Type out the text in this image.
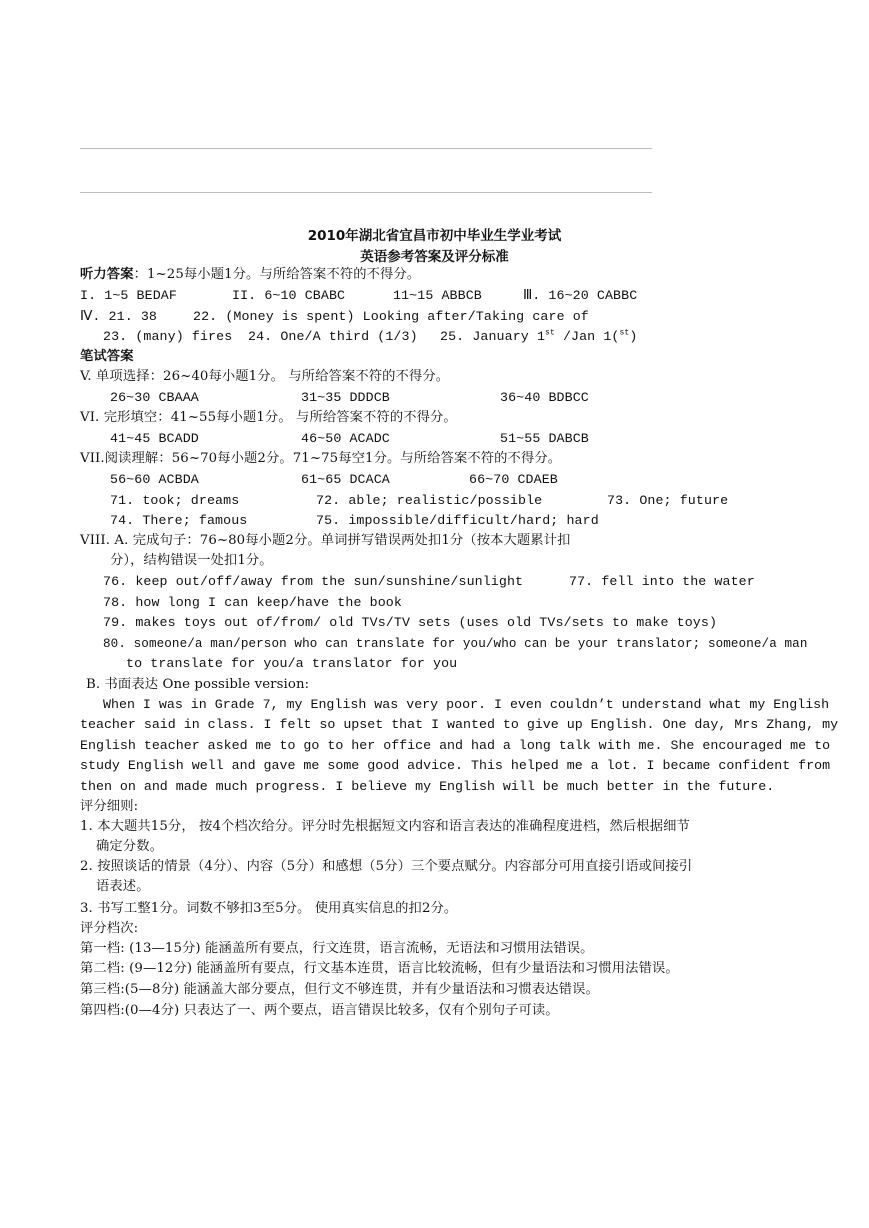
2010年湖北省宜昌市初中毕业生学业考试
英语参考答案及评分标准
听力答案：1~25每小题1分。与所给答案不符的不得分。
I. 1~5 BEDAF	II. 6~10 CBABC	11~15 ABBCB	Ⅲ. 16~20 CABBC
Ⅳ. 21. 38	22. (Money is spent) Looking after/Taking care of
23. (many) fires 24. One/A third (1/3) 25. January 1st /Jan 1($^{st}$)
笔试答案
V. 单项选择：26~40每小题1分。 与所给答案不符的不得分。
26~30 CBAAA	31~35 DDDCB	36~40 BDBCC
VI. 完形填空：41~55每小题1分。 与所给答案不符的不得分。
41~45 BCADD	46~50 ACADC	51~55 DABCB
VII.阅读理解：56~70每小题2分。71~75每空1分。与所给答案不符的不得分。
56~60 ACBDA	61~65 DCACA	66~70 CDAEB
71. took; dreams	72. able; realistic/possible	73. One; future
74. There; famous	75. impossible/difficult/hard; hard
VIII. A. 完成句子：76~80每小题2分。单词拼写错误两处扣1分（按本大题累计扣
分），结构错误一处扣1分。
76. keep out/off/away from the sun/sunshine/sunlight	77. fell into the water
78. how long I can keep/have the book
79. makes toys out of/from/ old TVs/TV sets (uses old TVs/sets to make toys)
80. someone/a man/person who can translate for you/who can be your translator; someone/a man
to translate for you/a translator for you
B. 书面表达 One possible version:
When I was in Grade 7, my English was very poor. I even couldn’t understand what my English
teacher said in class. I felt so upset that I wanted to give up English. One day, Mrs Zhang, my
English teacher asked me to go to her office and had a long talk with me. She encouraged me to
study English well and gave me some good advice. This helped me a lot. I became confident from
then on and made much progress. I believe my English will be much better in the future.
评分细则:
1. 本大题共15分， 按4个档次给分。评分时先根据短文内容和语言表达的准确程度进档，然后根据细节
确定分数。
2. 按照谈话的情景（4分）、内容（5分）和感想（5分）三个要点赋分。内容部分可用直接引语或间接引
语表述。
3. 书写工整1分。词数不够扣3至5分。 使用真实信息的扣2分。
评分档次:
第一档: (13—15分) 能涵盖所有要点，行文连贯，语言流畅，无语法和习惯用法错误。
第二档: (9—12分) 能涵盖所有要点，行文基本连贯，语言比较流畅，但有少量语法和习惯用法错误。
第三档:(5—8分) 能涵盖大部分要点，但行文不够连贯，并有少量语法和习惯表达错误。
第四档:(0—4分) 只表达了一、两个要点，语言错误比较多，仅有个别句子可读。
